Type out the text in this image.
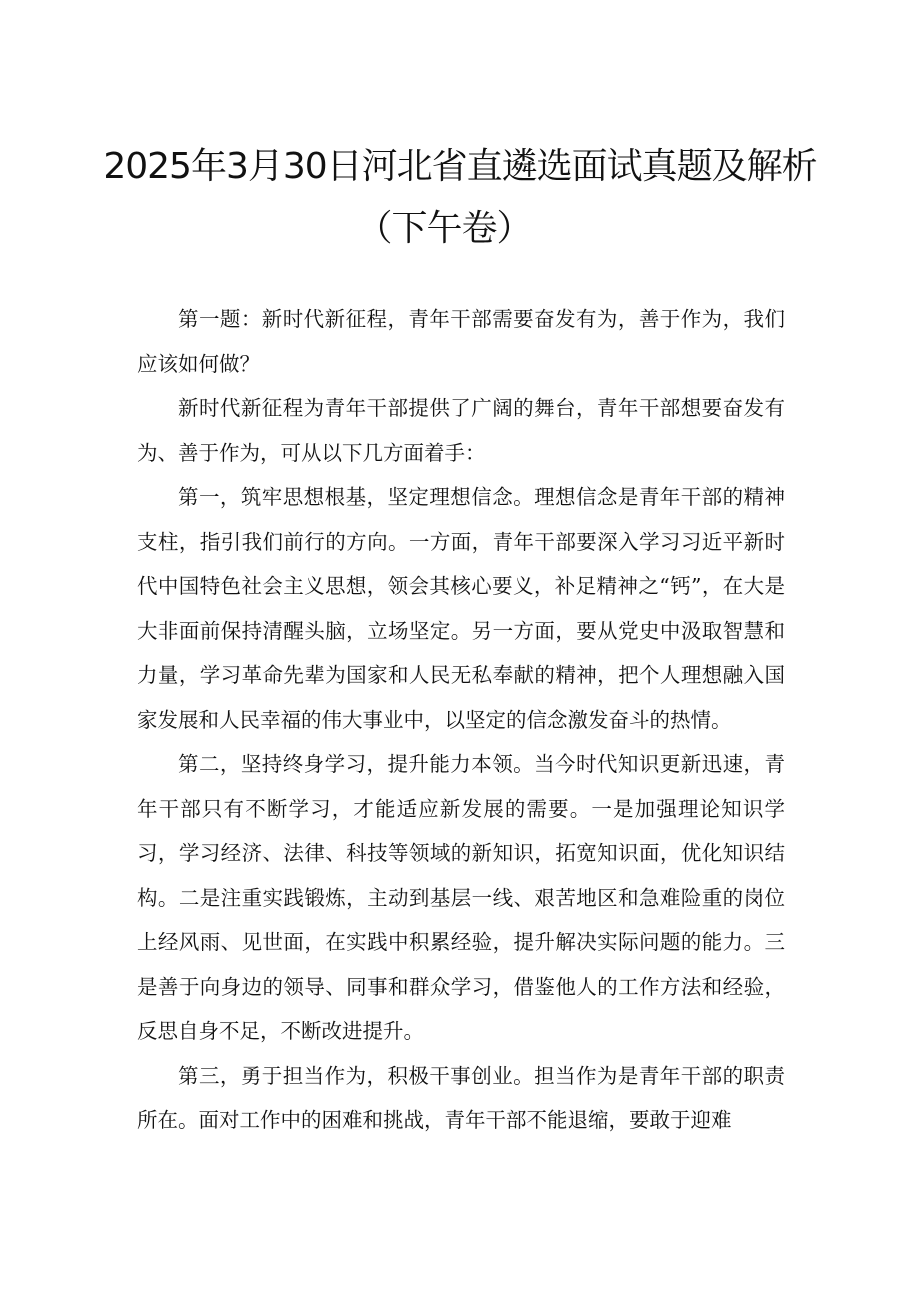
2025年3月30日河北省直遴选面试真题及解析
（下午卷）

第一题：新时代新征程，青年干部需要奋发有为，善于作为，我们应该如何做？

新时代新征程为青年干部提供了广阔的舞台，青年干部想要奋发有为、善于作为，可从以下几方面着手：

第一，筑牢思想根基，坚定理想信念。理想信念是青年干部的精神支柱，指引我们前行的方向。一方面，青年干部要深入学习习近平新时代中国特色社会主义思想，领会其核心要义，补足精神之“钙”，在大是大非面前保持清醒头脑，立场坚定。另一方面，要从党史中汲取智慧和力量，学习革命先辈为国家和人民无私奉献的精神，把个人理想融入国家发展和人民幸福的伟大事业中，以坚定的信念激发奋斗的热情。

第二，坚持终身学习，提升能力本领。当今时代知识更新迅速，青年干部只有不断学习，才能适应新发展的需要。一是加强理论知识学习，学习经济、法律、科技等领域的新知识，拓宽知识面，优化知识结构。二是注重实践锻炼，主动到基层一线、艰苦地区和急难险重的岗位上经风雨、见世面，在实践中积累经验，提升解决实际问题的能力。三是善于向身边的领导、同事和群众学习，借鉴他人的工作方法和经验，反思自身不足，不断改进提升。

第三，勇于担当作为，积极干事创业。担当作为是青年干部的职责所在。面对工作中的困难和挑战，青年干部不能退缩，要敢于迎难
